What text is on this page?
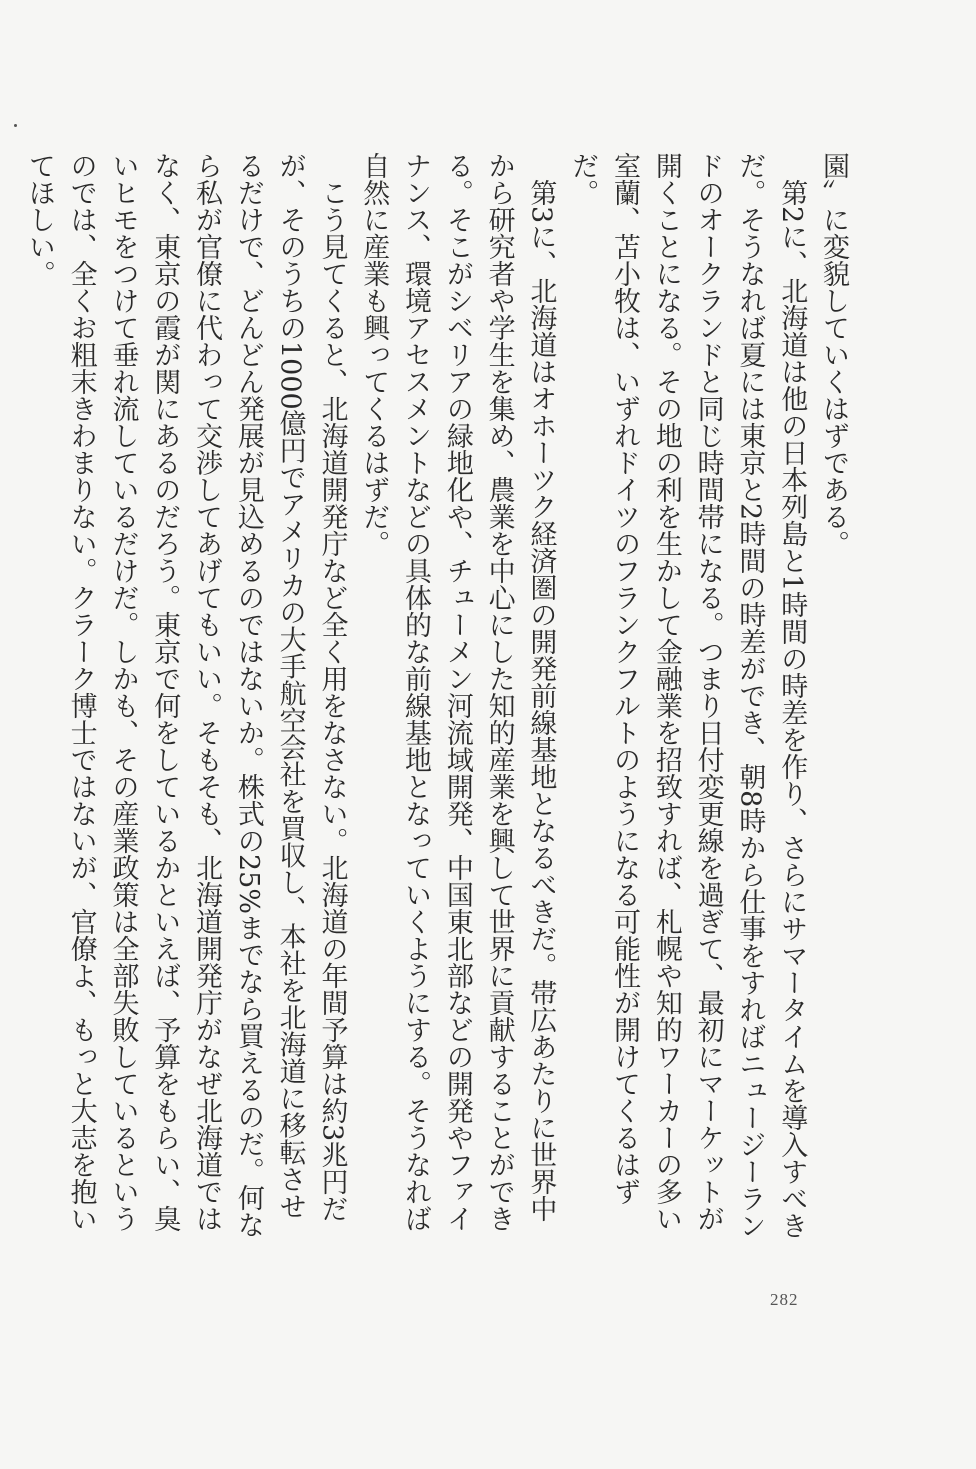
園〟に変貌していくはずである。

　第2に、北海道は他の日本列島と1時間の時差を作り、さらにサマータイムを導入すべきだ。そうなれば夏には東京と2時間の時差ができ、朝8時から仕事をすればニュージーランドのオークランドと同じ時間帯になる。つまり日付変更線を過ぎて、最初にマーケットが開くことになる。その地の利を生かして金融業を招致すれば、札幌や知的ワーカーの多い室蘭、苫小牧は、いずれドイツのフランクフルトのようになる可能性が開けてくるはずだ。

　第3に、北海道はオホーツク経済圏の開発前線基地となるべきだ。帯広あたりに世界中から研究者や学生を集め、農業を中心にした知的産業を興して世界に貢献することができる。そこがシベリアの緑地化や、チューメン河流域開発、中国東北部などの開発やファイナンス、環境アセスメントなどの具体的な前線基地となっていくようにする。そうなれば自然に産業も興ってくるはずだ。

　こう見てくると、北海道開発庁など全く用をなさない。北海道の年間予算は約3兆円だが、そのうちの1000億円でアメリカの大手航空会社を買収し、本社を北海道に移転させるだけで、どんどん発展が見込めるのではないか。株式の25%までなら買えるのだ。何なら私が官僚に代わって交渉してあげてもいい。そもそも、北海道開発庁がなぜ北海道ではなく、東京の霞が関にあるのだろう。東京で何をしているかといえば、予算をもらい、臭いヒモをつけて垂れ流しているだけだ。しかも、その産業政策は全部失敗しているというのでは、全くお粗末きわまりない。クラーク博士ではないが、官僚よ、もっと大志を抱いてほしい。

282
